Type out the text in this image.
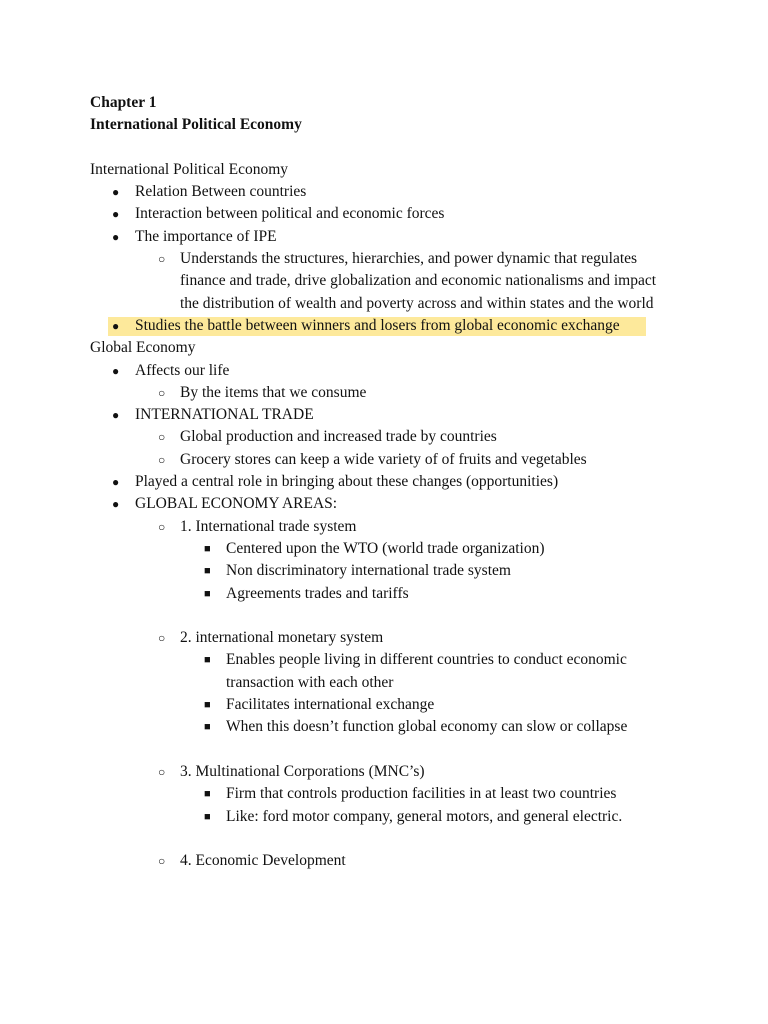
Chapter 1
International Political Economy
International Political Economy
● Relation Between countries
● Interaction between political and economic forces
● The importance of IPE
○ Understands the structures, hierarchies, and power dynamic that regulates finance and trade, drive globalization and economic nationalisms and impact the distribution of wealth and poverty across and within states and the world
● Studies the battle between winners and losers from global economic exchange
Global Economy
● Affects our life
○ By the items that we consume
● INTERNATIONAL TRADE
○ Global production and increased trade by countries
○ Grocery stores can keep a wide variety of of fruits and vegetables
● Played a central role in bringing about these changes (opportunities)
● GLOBAL ECONOMY AREAS:
○ 1. International trade system
■ Centered upon the WTO (world trade organization)
■ Non discriminatory international trade system
■ Agreements trades and tariffs
○ 2. international monetary system
■ Enables people living in different countries to conduct economic transaction with each other
■ Facilitates international exchange
■ When this doesn’t function global economy can slow or collapse
○ 3. Multinational Corporations (MNC’s)
■ Firm that controls production facilities in at least two countries
■ Like: ford motor company, general motors, and general electric.
○ 4. Economic Development
